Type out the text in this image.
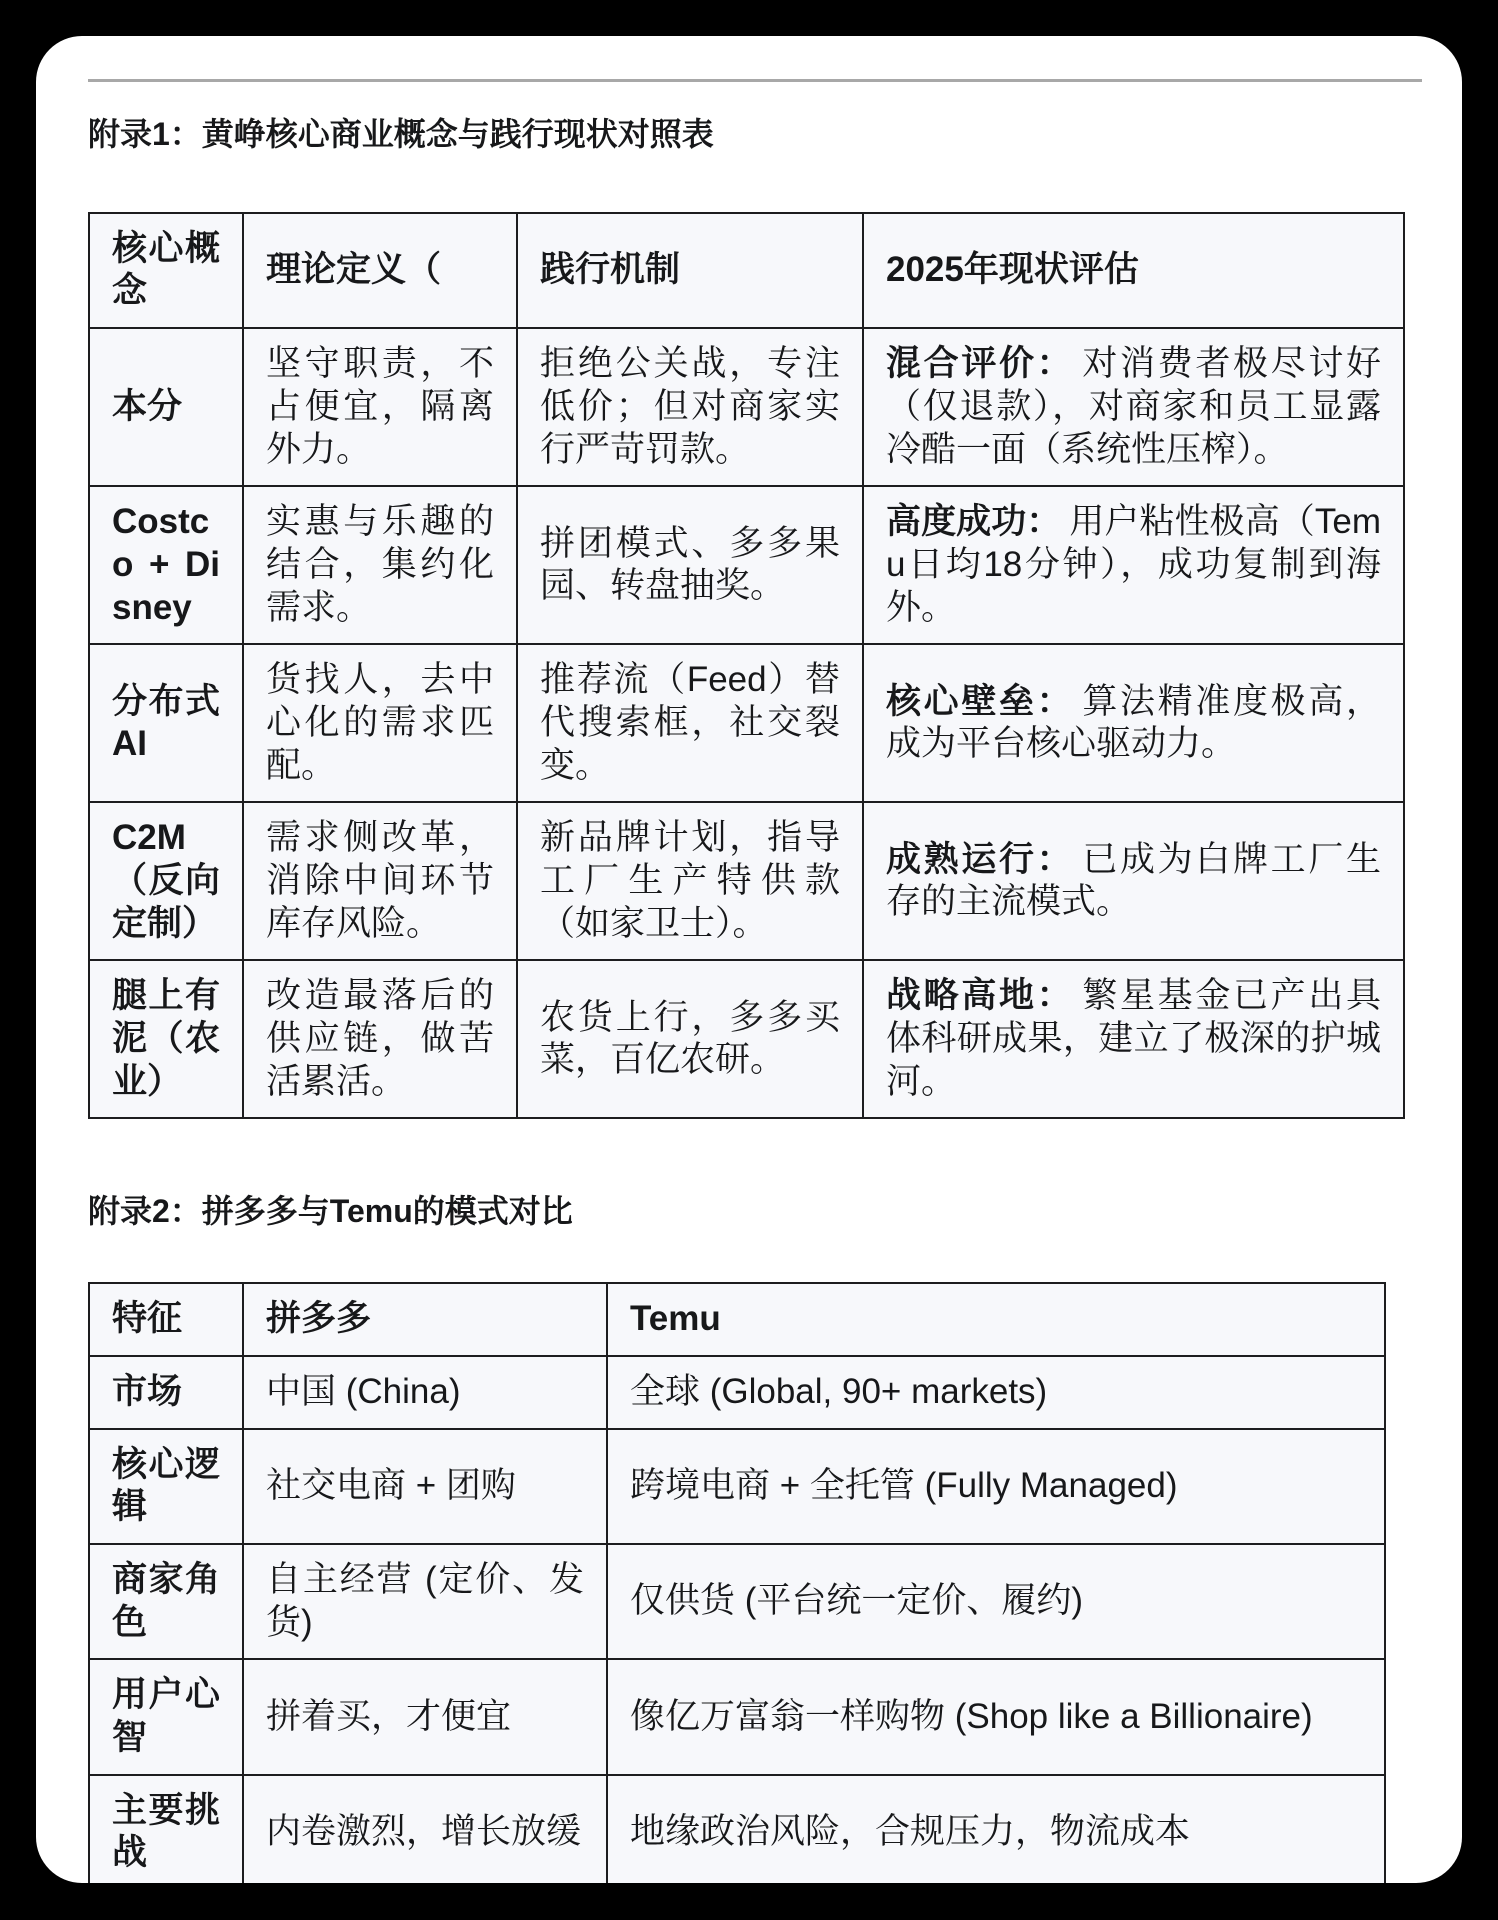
附录1：黄峥核心商业概念与践行现状对照表
核心概念	理论定义（	践行机制	2025年现状评估
本分	坚守职责，不占便宜，隔离外力。	拒绝公关战，专注低价；但对商家实行严苛罚款。	混合评价： 对消费者极尽讨好（仅退款），对商家和员工显露冷酷一面（系统性压榨）。
Costco + Disney	实惠与乐趣的结合，集约化需求。	拼团模式、多多果园、转盘抽奖。	高度成功： 用户粘性极高（Temu日均18分钟），成功复制到海外。
分布式AI	货找人，去中心化的需求匹配。	推荐流（Feed）替代搜索框，社交裂变。	核心壁垒： 算法精准度极高，成为平台核心驱动力。
C2M（反向定制）	需求侧改革，消除中间环节库存风险。	新品牌计划，指导工厂生产特供款（如家卫士）。	成熟运行： 已成为白牌工厂生存的主流模式。
腿上有泥（农业）	改造最落后的供应链，做苦活累活。	农货上行，多多买菜，百亿农研。	战略高地： 繁星基金已产出具体科研成果，建立了极深的护城河。
附录2：拼多多与Temu的模式对比
特征	拼多多	Temu
市场	中国 (China)	全球 (Global, 90+ markets)
核心逻辑	社交电商 + 团购	跨境电商 + 全托管 (Fully Managed)
商家角色	自主经营 (定价、发货)	仅供货 (平台统一定价、履约)
用户心智	拼着买，才便宜	像亿万富翁一样购物 (Shop like a Billionaire)
主要挑战	内卷激烈，增长放缓	地缘政治风险，合规压力，物流成本
